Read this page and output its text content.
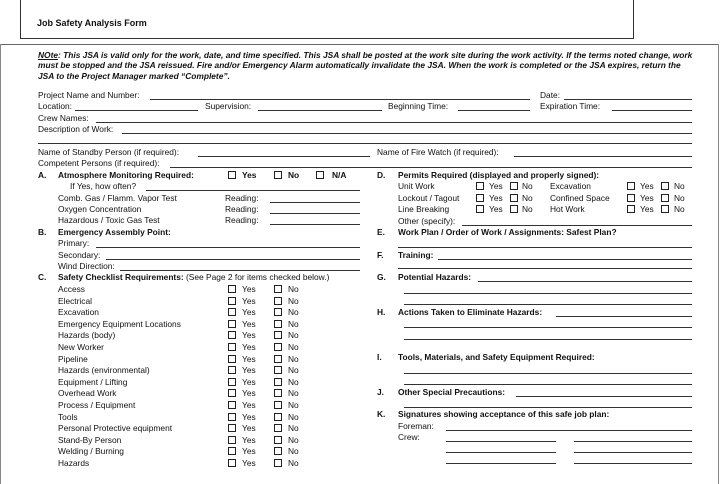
Job Safety Analysis Form
NOte: This JSA is valid only for the work, date, and time specified. This JSA shall be posted at the work site during the work activity. If the terms noted change, work must be stopped and the JSA reissued. Fire and/or Emergency Alarm automatically invalidate the JSA. When the work is completed or the JSA expires, return the JSA to the Project Manager marked “Complete”.
Project Name and Number:	Date:
Location:	Supervision:	Beginning Time:	Expiration Time:
Crew Names:
Description of Work:
Name of Standby Person (if required):	Name of Fire Watch (if required):
Competent Persons (if required):
A. Atmosphere Monitoring Required:	Yes	No	N/A
If Yes, how often?
Comb. Gas / Flamm. Vapor Test	Reading:
Oxygen Concentration	Reading:
Hazardous / Toxic Gas Test	Reading:
B. Emergency Assembly Point:
Primary:
Secondary:
Wind Direction:
C. Safety Checklist Requirements: (See Page 2 for items checked below.)
Access	Yes	No
Electrical	Yes	No
Excavation	Yes	No
Emergency Equipment Locations	Yes	No
Hazards (body)	Yes	No
New Worker	Yes	No
Pipeline	Yes	No
Hazards (environmental)	Yes	No
Equipment / Lifting	Yes	No
Overhead Work	Yes	No
Process / Equipment	Yes	No
Tools	Yes	No
Personal Protective equipment	Yes	No
Stand-By Person	Yes	No
Welding / Burning	Yes	No
Hazards	Yes	No
D. Permits Required (displayed and properly signed):
Unit Work	Yes No Excavation	Yes No
Lockout / Tagout	Yes No Confined Space	Yes No
Line Breaking	Yes No Hot Work	Yes No
Other (specify):
E. Work Plan / Order of Work / Assignments: Safest Plan?
F. Training:
G. Potential Hazards:
H. Actions Taken to Eliminate Hazards:
I. Tools, Materials, and Safety Equipment Required:
J. Other Special Precautions:
K. Signatures showing acceptance of this safe job plan:
Foreman:
Crew:
